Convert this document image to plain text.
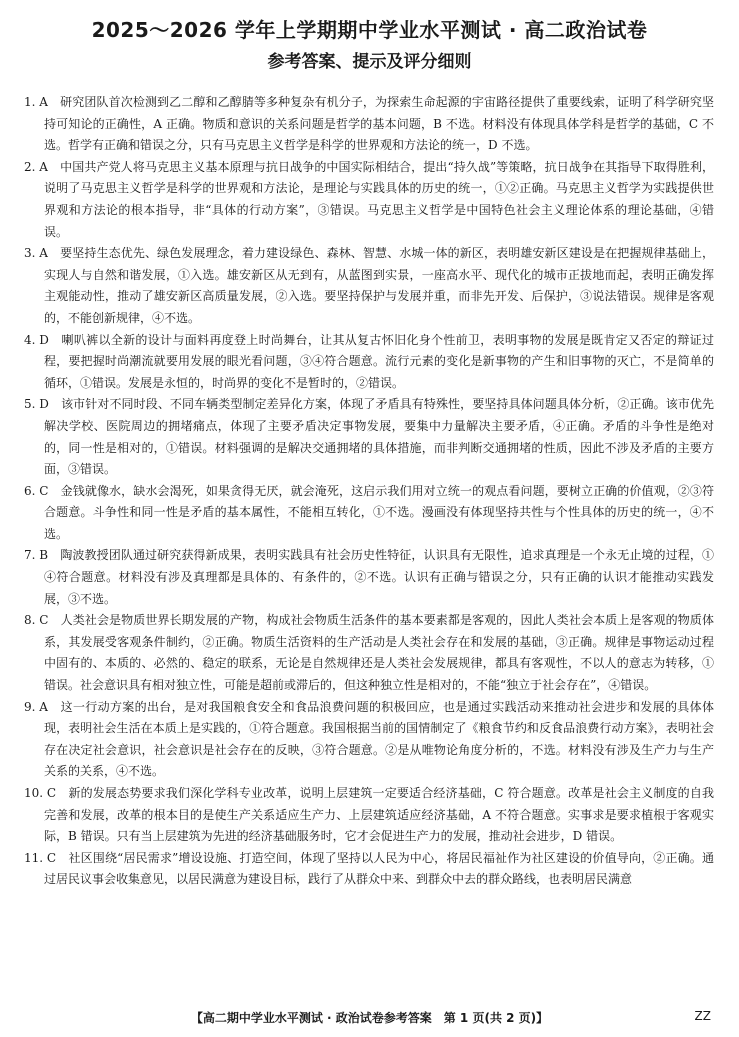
2025～2026 学年上学期期中学业水平测试 · 高二政治试卷
参考答案、提示及评分细则

1. A　 研究团队首次检测到乙二醇和乙醇腈等多种复杂有机分子，为探索生命起源的宇宙路径提供了重要线索，证明了科学研究坚持可知论的正确性，A 正确。物质和意识的关系问题是哲学的基本问题，B 不选。材料没有体现具体学科是哲学的基础，C 不选。哲学有正确和错误之分，只有马克思主义哲学是科学的世界观和方法论的统一，D 不选。

2. A　 中国共产党人将马克思主义基本原理与抗日战争的中国实际相结合，提出“持久战”等策略，抗日战争在其指导下取得胜利，说明了马克思主义哲学是科学的世界观和方法论，是理论与实践具体的历史的统一，①②正确。马克思主义哲学为实践提供世界观和方法论的根本指导，非“具体的行动方案”，③错误。马克思主义哲学是中国特色社会主义理论体系的理论基础，④错误。

3. A　 要坚持生态优先、绿色发展理念，着力建设绿色、森林、智慧、水城一体的新区，表明雄安新区建设是在把握规律基础上，实现人与自然和谐发展，①入选。雄安新区从无到有，从蓝图到实景，一座高水平、现代化的城市正拔地而起，表明正确发挥主观能动性，推动了雄安新区高质量发展，②入选。要坚持保护与发展并重，而非先开发、后保护，③说法错误。规律是客观的，不能创新规律，④不选。

4. D　 喇叭裤以全新的设计与面料再度登上时尚舞台，让其从复古怀旧化身个性前卫，表明事物的发展是既肯定又否定的辩证过程，要把握时尚潮流就要用发展的眼光看问题，③④符合题意。流行元素的变化是新事物的产生和旧事物的灭亡，不是简单的循环，①错误。发展是永恒的，时尚界的变化不是暂时的，②错误。

5. D　 该市针对不同时段、不同车辆类型制定差异化方案，体现了矛盾具有特殊性，要坚持具体问题具体分析，②正确。该市优先解决学校、医院周边的拥堵痛点，体现了主要矛盾决定事物发展，要集中力量解决主要矛盾，④正确。矛盾的斗争性是绝对的，同一性是相对的，①错误。材料强调的是解决交通拥堵的具体措施，而非判断交通拥堵的性质，因此不涉及矛盾的主要方面，③错误。

6. C　 金钱就像水，缺水会渴死，如果贪得无厌，就会淹死，这启示我们用对立统一的观点看问题，要树立正确的价值观，②③符合题意。斗争性和同一性是矛盾的基本属性，不能相互转化，①不选。漫画没有体现坚持共性与个性具体的历史的统一，④不选。

7. B　 陶波教授团队通过研究获得新成果，表明实践具有社会历史性特征，认识具有无限性，追求真理是一个永无止境的过程，①④符合题意。材料没有涉及真理都是具体的、有条件的，②不选。认识有正确与错误之分，只有正确的认识才能推动实践发展，③不选。

8. C　 人类社会是物质世界长期发展的产物，构成社会物质生活条件的基本要素都是客观的，因此人类社会本质上是客观的物质体系，其发展受客观条件制约，②正确。物质生活资料的生产活动是人类社会存在和发展的基础，③正确。规律是事物运动过程中固有的、本质的、必然的、稳定的联系，无论是自然规律还是人类社会发展规律，都具有客观性，不以人的意志为转移，①错误。社会意识具有相对独立性，可能是超前或滞后的，但这种独立性是相对的，不能“独立于社会存在”，④错误。

9. A　 这一行动方案的出台，是对我国粮食安全和食品浪费问题的积极回应，也是通过实践活动来推动社会进步和发展的具体体现，表明社会生活在本质上是实践的，①符合题意。我国根据当前的国情制定了《粮食节约和反食品浪费行动方案》，表明社会存在决定社会意识，社会意识是社会存在的反映，③符合题意。②是从唯物论角度分析的，不选。材料没有涉及生产力与生产关系的关系，④不选。

10. C　 新的发展态势要求我们深化学科专业改革，说明上层建筑一定要适合经济基础，C 符合题意。改革是社会主义制度的自我完善和发展，改革的根本目的是使生产关系适应生产力、上层建筑适应经济基础，A 不符合题意。实事求是要求植根于客观实际，B 错误。只有当上层建筑为先进的经济基础服务时，它才会促进生产力的发展，推动社会进步，D 错误。

11. C　 社区围绕“居民需求”增设设施、打造空间，体现了坚持以人民为中心，将居民福祉作为社区建设的价值导向，②正确。通过居民议事会收集意见，以居民满意为建设目标，践行了从群众中来、到群众中去的群众路线，也表明居民满意

【高二期中学业水平测试 · 政治试卷参考答案　第 1 页(共 2 页)】	ZZ
